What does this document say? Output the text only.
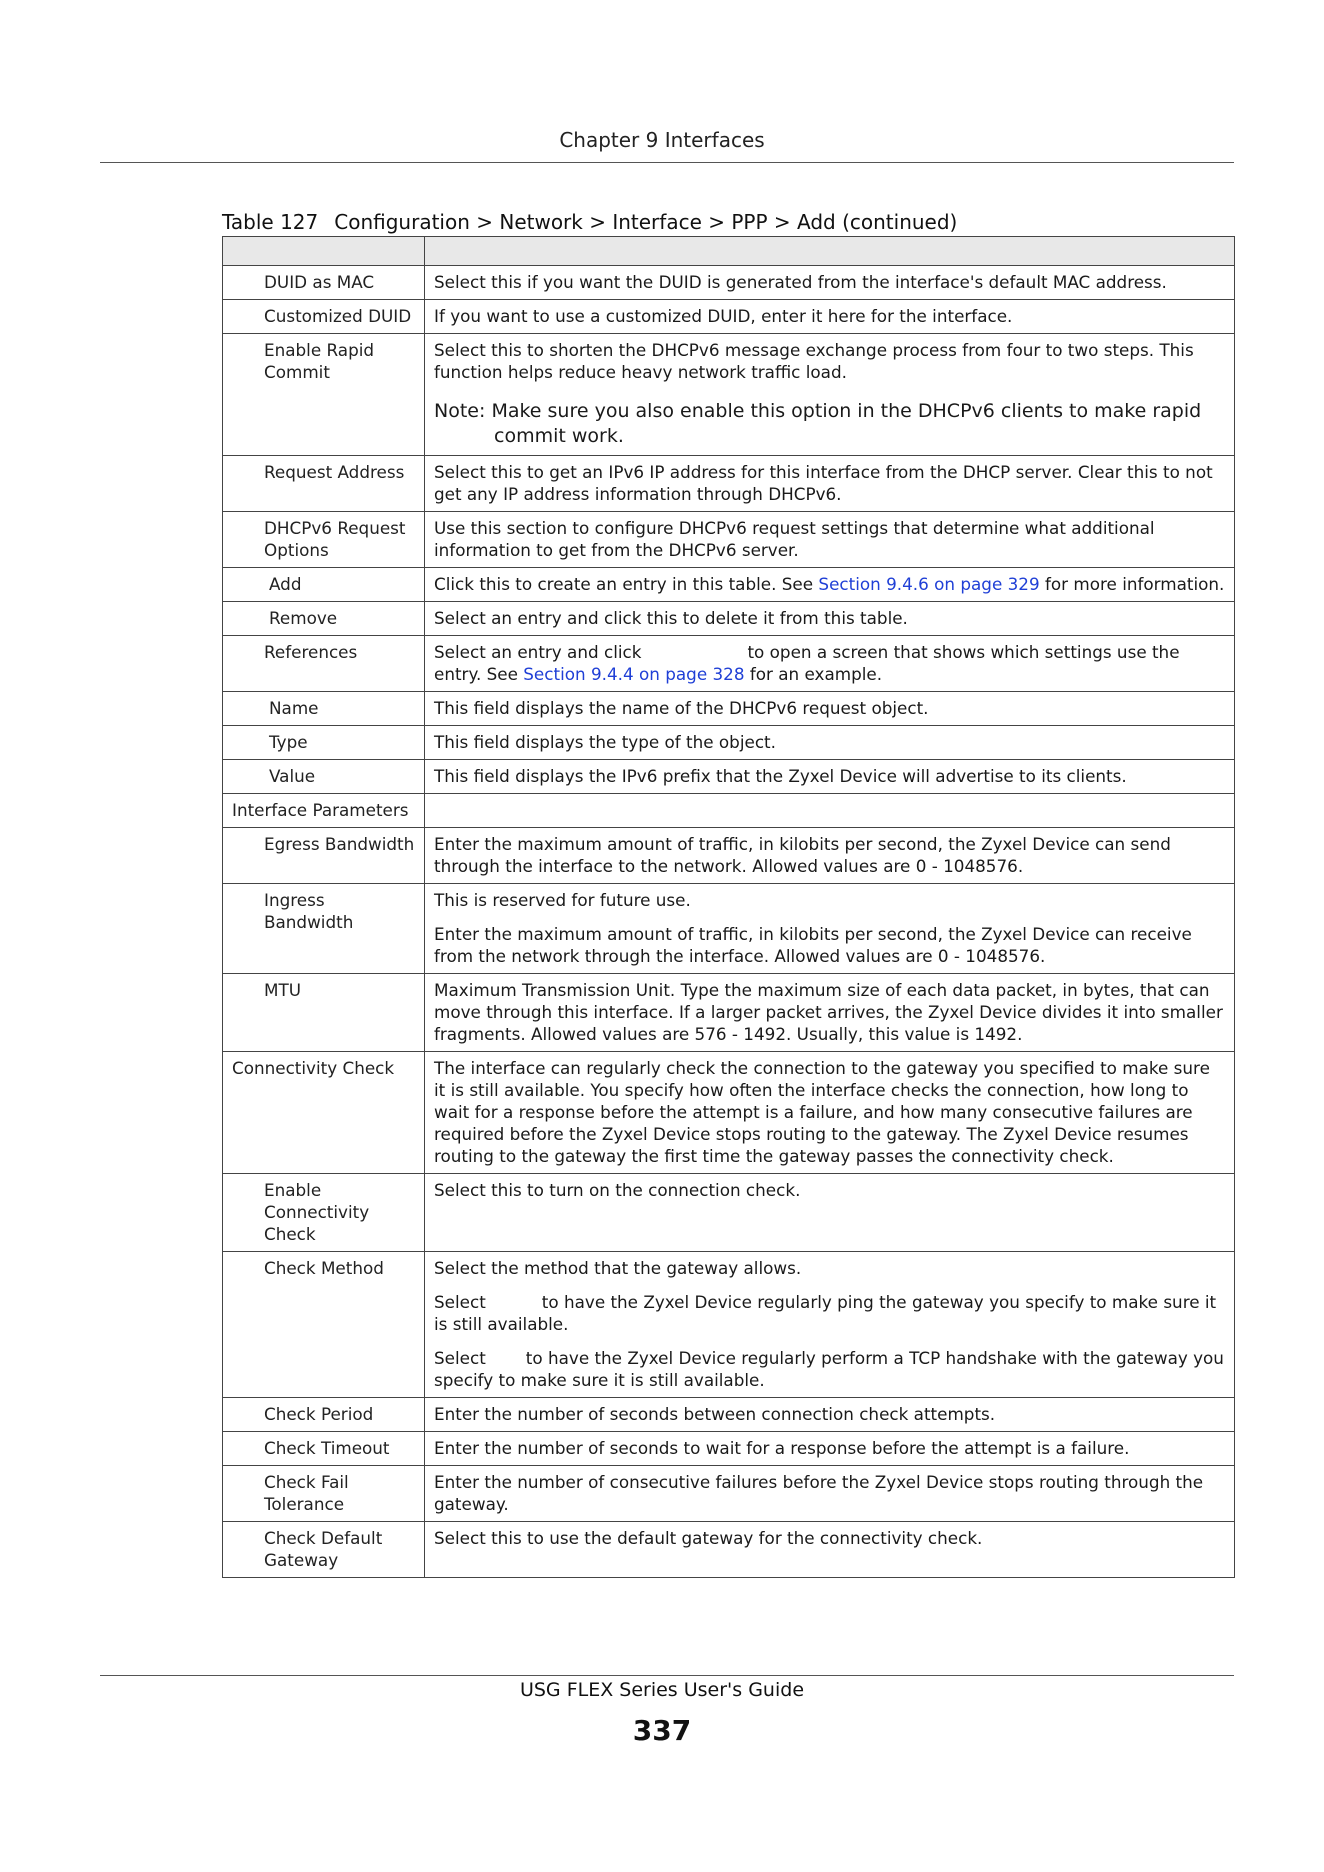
Chapter 9 Interfaces
Table 127 Configuration > Network > Interface > PPP > Add (continued)

DUID as MAC	Select this if you want the DUID is generated from the interface's default MAC address.
Customized DUID	If you want to use a customized DUID, enter it here for the interface.
Enable Rapid Commit	Select this to shorten the DHCPv6 message exchange process from four to two steps. This function helps reduce heavy network traffic load.

Note: Make sure you also enable this option in the DHCPv6 clients to make rapid
commit work.

Request Address	Select this to get an IPv6 IP address for this interface from the DHCP server. Clear this to not get any IP address information through DHCPv6.
DHCPv6 Request Options	Use this section to configure DHCPv6 request settings that determine what additional information to get from the DHCPv6 server.
Add	Click this to create an entry in this table. See Section 9.4.6 on page 329 for more information.
Remove	Select an entry and click this to delete it from this table.
References	Select an entry and click to open a screen that shows which settings use the entry. See Section 9.4.4 on page 328 for an example.
Name	This field displays the name of the DHCPv6 request object.
Type	This field displays the type of the object.
Value	This field displays the IPv6 prefix that the Zyxel Device will advertise to its clients.
Interface Parameters	
Egress Bandwidth	Enter the maximum amount of traffic, in kilobits per second, the Zyxel Device can send through the interface to the network. Allowed values are 0 - 1048576.
Ingress Bandwidth	This is reserved for future use.

Enter the maximum amount of traffic, in kilobits per second, the Zyxel Device can receive from the network through the interface. Allowed values are 0 - 1048576.

MTU	Maximum Transmission Unit. Type the maximum size of each data packet, in bytes, that can move through this interface. If a larger packet arrives, the Zyxel Device divides it into smaller fragments. Allowed values are 576 - 1492. Usually, this value is 1492.
Connectivity Check	The interface can regularly check the connection to the gateway you specified to make sure it is still available. You specify how often the interface checks the connection, how long to wait for a response before the attempt is a failure, and how many consecutive failures are required before the Zyxel Device stops routing to the gateway. The Zyxel Device resumes routing to the gateway the first time the gateway passes the connectivity check.
Enable Connectivity Check	Select this to turn on the connection check.
Check Method	Select the method that the gateway allows.

Select to have the Zyxel Device regularly ping the gateway you specify to make sure it is still available.

Select to have the Zyxel Device regularly perform a TCP handshake with the gateway you specify to make sure it is still available.

Check Period	Enter the number of seconds between connection check attempts.
Check Timeout	Enter the number of seconds to wait for a response before the attempt is a failure.
Check Fail Tolerance	Enter the number of consecutive failures before the Zyxel Device stops routing through the gateway.
Check Default Gateway	Select this to use the default gateway for the connectivity check.
USG FLEX Series User's Guide
337
